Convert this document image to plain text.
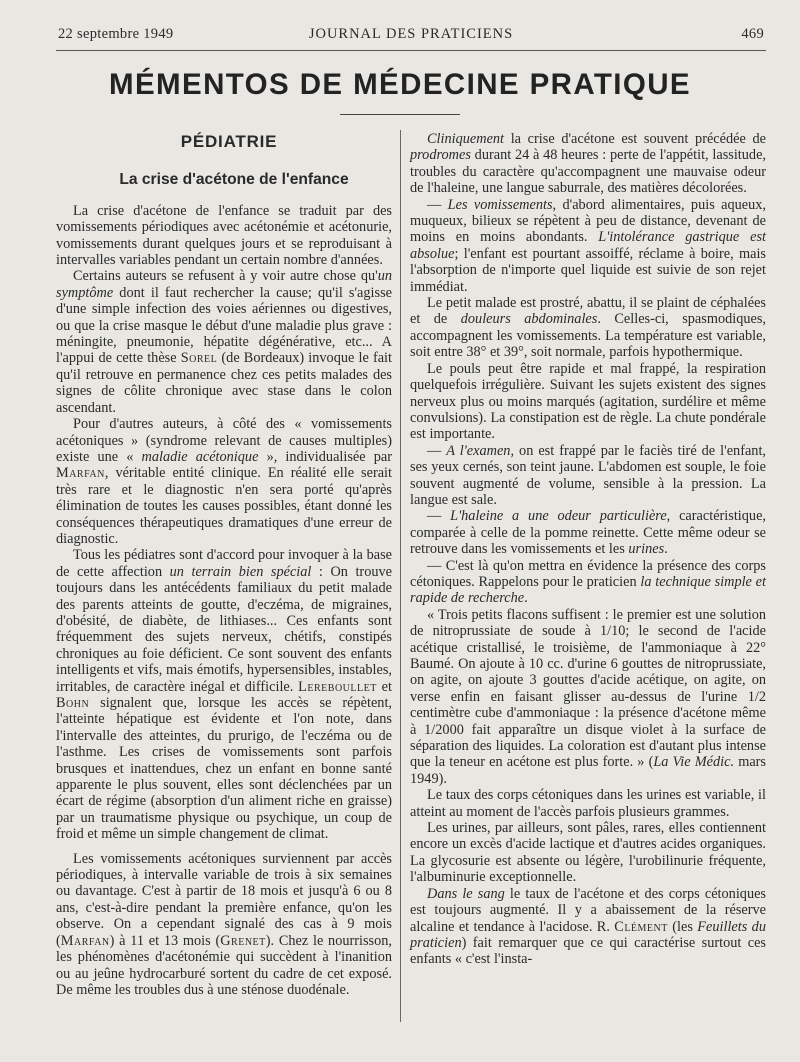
22 septembre 1949	JOURNAL DES PRATICIENS	469
MÉMENTOS DE MÉDECINE PRATIQUE
PÉDIATRIE
La crise d'acétone de l'enfance

La crise d'acétone de l'enfance se traduit par des vomissements périodiques avec acétonémie et acétonurie, vomissements durant quelques jours et se reproduisant à intervalles variables pendant un certain nombre d'années.

Certains auteurs se refusent à y voir autre chose qu'un symptôme dont il faut rechercher la cause; qu'il s'agisse d'une simple infection des voies aériennes ou digestives, ou que la crise masque le début d'une maladie plus grave : méningite, pneumonie, hépatite dégénérative, etc... A l'appui de cette thèse Sorel (de Bordeaux) invoque le fait qu'il retrouve en permanence chez ces petits malades des signes de côlite chronique avec stase dans le colon ascendant.

Pour d'autres auteurs, à côté des « vomissements acétoniques » (syndrome relevant de causes multiples) existe une « maladie acétonique », individualisée par Marfan, véritable entité clinique. En réalité elle serait très rare et le diagnostic n'en sera porté qu'après élimination de toutes les causes possibles, étant donné les conséquences thérapeutiques dramatiques d'une erreur de diagnostic.

Tous les pédiatres sont d'accord pour invoquer à la base de cette affection un terrain bien spécial : On trouve toujours dans les antécédents familiaux du petit malade des parents atteints de goutte, d'eczéma, de migraines, d'obésité, de diabète, de lithiases... Ces enfants sont fréquemment des sujets nerveux, chétifs, constipés chroniques au foie déficient. Ce sont souvent des enfants intelligents et vifs, mais émotifs, hypersensibles, instables, irritables, de caractère inégal et difficile. Lereboullet et Bohn signalent que, lorsque les accès se répètent, l'atteinte hépatique est évidente et l'on note, dans l'intervalle des atteintes, du prurigo, de l'eczéma ou de l'asthme. Les crises de vomissements sont parfois brusques et inattendues, chez un enfant en bonne santé apparente le plus souvent, elles sont déclenchées par un écart de régime (absorption d'un aliment riche en graisse) par un traumatisme physique ou psychique, un coup de froid et même un simple changement de climat.

Les vomissements acétoniques surviennent par accès périodiques, à intervalle variable de trois à six semaines ou davantage. C'est à partir de 18 mois et jusqu'à 6 ou 8 ans, c'est-à-dire pendant la première enfance, qu'on les observe. On a cependant signalé des cas à 9 mois (Marfan) à 11 et 13 mois (Grenet). Chez le nourrisson, les phénomènes d'acétonémie qui succèdent à l'inanition ou au jeûne hydrocarburé sortent du cadre de cet exposé. De même les troubles dus à une sténose duodénale.

Cliniquement la crise d'acétone est souvent précédée de prodromes durant 24 à 48 heures : perte de l'appétit, lassitude, troubles du caractère qu'accompagnent une mauvaise odeur de l'haleine, une langue saburrale, des matières décolorées.

— Les vomissements, d'abord alimentaires, puis aqueux, muqueux, bilieux se répètent à peu de distance, devenant de moins en moins abondants. L'intolérance gastrique est absolue; l'enfant est pourtant assoiffé, réclame à boire, mais l'absorption de n'importe quel liquide est suivie de son rejet immédiat.

Le petit malade est prostré, abattu, il se plaint de céphalées et de douleurs abdominales. Celles-ci, spasmodiques, accompagnent les vomissements. La température est variable, soit entre 38° et 39°, soit normale, parfois hypothermique.

Le pouls peut être rapide et mal frappé, la respiration quelquefois irrégulière. Suivant les sujets existent des signes nerveux plus ou moins marqués (agitation, surdélire et même convulsions). La constipation est de règle. La chute pondérale est importante.

— A l'examen, on est frappé par le faciès tiré de l'enfant, ses yeux cernés, son teint jaune. L'abdomen est souple, le foie souvent augmenté de volume, sensible à la pression. La langue est sale.

— L'haleine a une odeur particulière, caractéristique, comparée à celle de la pomme reinette. Cette même odeur se retrouve dans les vomissements et les urines.

— C'est là qu'on mettra en évidence la présence des corps cétoniques. Rappelons pour le praticien la technique simple et rapide de recherche.

« Trois petits flacons suffisent : le premier est une solution de nitroprussiate de soude à 1/10; le second de l'acide acétique cristallisé, le troisième, de l'ammoniaque à 22° Baumé. On ajoute à 10 cc. d'urine 6 gouttes de nitroprussiate, on agite, on ajoute 3 gouttes d'acide acétique, on agite, on verse enfin en faisant glisser au-dessus de l'urine 1/2 centimètre cube d'ammoniaque : la présence d'acétone même à 1/2000 fait apparaître un disque violet à la surface de séparation des liquides. La coloration est d'autant plus intense que la teneur en acétone est plus forte. » (La Vie Médic. mars 1949).

Le taux des corps cétoniques dans les urines est variable, il atteint au moment de l'accès parfois plusieurs grammes.

Les urines, par ailleurs, sont pâles, rares, elles contiennent encore un excès d'acide lactique et d'autres acides organiques. La glycosurie est absente ou légère, l'urobilinurie fréquente, l'albuminurie exceptionnelle.

Dans le sang le taux de l'acétone et des corps cétoniques est toujours augmenté. Il y a abaissement de la réserve alcaline et tendance à l'acidose. R. Clément (les Feuillets du praticien) fait remarquer que ce qui caractérise surtout ces enfants « c'est l'insta-
